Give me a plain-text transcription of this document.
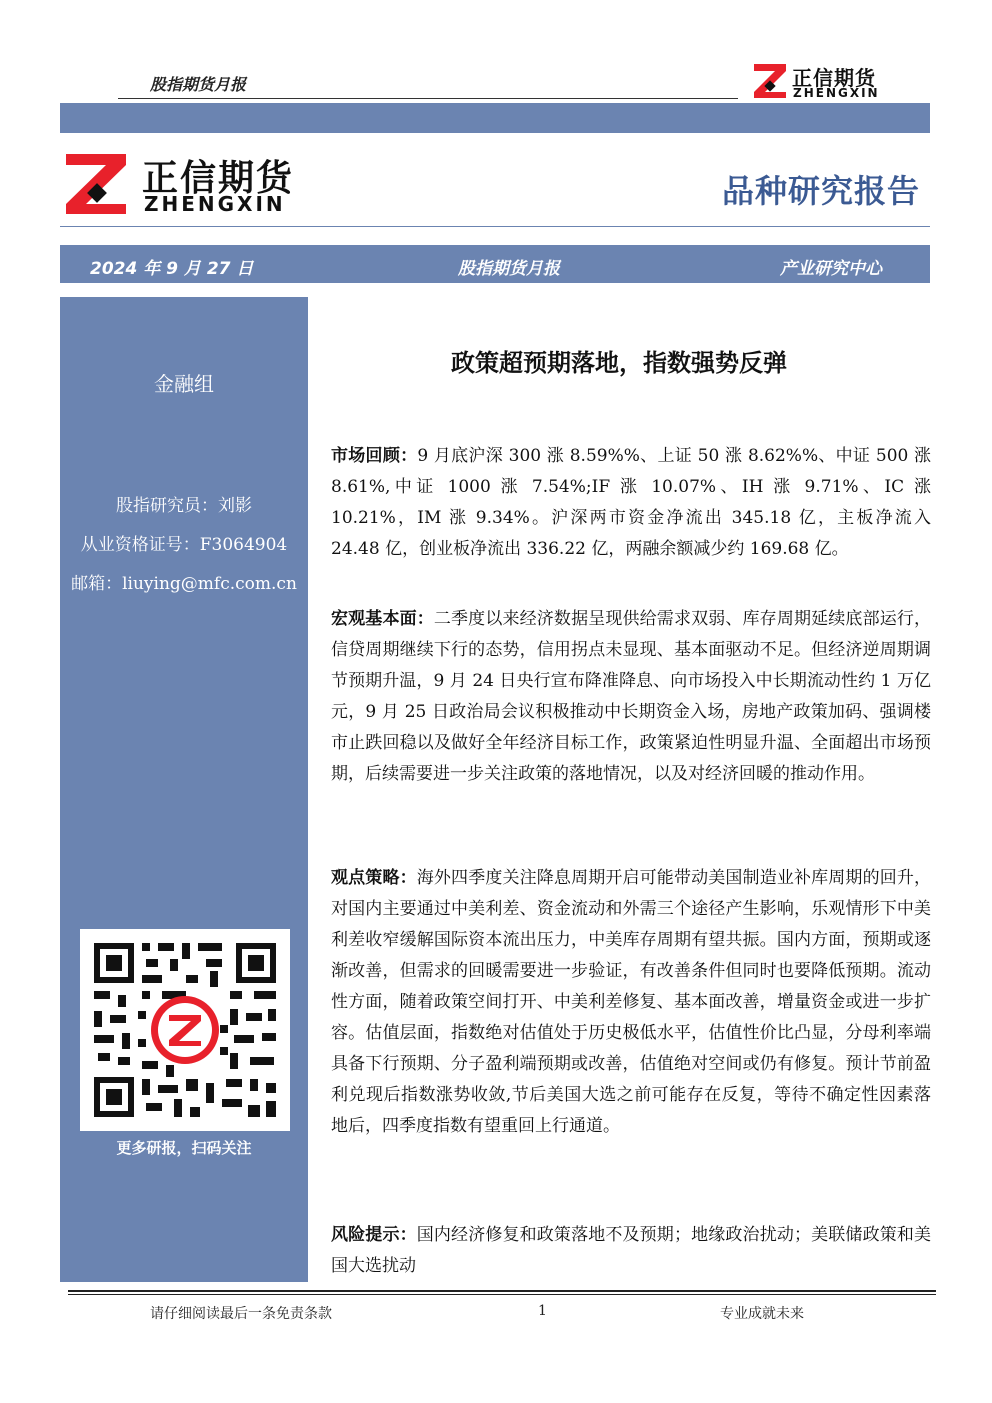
股指期货月报	正信期货
ZHENGXIN
正信期货
ZHENGXIN	品种研究报告
2024 年 9 月 27 日	股指期货月报	产业研究中心
金融组
股指研究员：刘影
从业资格证号：F3064904
邮箱：liuying@mfc.com.cn
更多研报，扫码关注
政策超预期落地，指数强势反弹
市场回顾：9 月底沪深 300 涨 8.59%%、上证 50 涨 8.62%%、中证 500 涨 8.61%,中证 1000 涨 7.54%;IF 涨 10.07%、IH 涨 9.71%、IC 涨 10.21%，IM 涨 9.34%。沪深两市资金净流出 345.18 亿，主板净流入 24.48 亿，创业板净流出 336.22 亿，两融余额减少约 169.68 亿。
宏观基本面：二季度以来经济数据呈现供给需求双弱、库存周期延续底部运行，信贷周期继续下行的态势，信用拐点未显现、基本面驱动不足。但经济逆周期调节预期升温，9 月 24 日央行宣布降准降息、向市场投入中长期流动性约 1 万亿元，9 月 25 日政治局会议积极推动中长期资金入场，房地产政策加码、强调楼市止跌回稳以及做好全年经济目标工作，政策紧迫性明显升温、全面超出市场预期，后续需要进一步关注政策的落地情况，以及对经济回暖的推动作用。
观点策略：海外四季度关注降息周期开启可能带动美国制造业补库周期的回升，对国内主要通过中美利差、资金流动和外需三个途径产生影响，乐观情形下中美利差收窄缓解国际资本流出压力，中美库存周期有望共振。国内方面，预期或逐渐改善，但需求的回暖需要进一步验证，有改善条件但同时也要降低预期。流动性方面，随着政策空间打开、中美利差修复、基本面改善，增量资金或进一步扩容。估值层面，指数绝对估值处于历史极低水平，估值性价比凸显，分母利率端具备下行预期、分子盈利端预期或改善，估值绝对空间或仍有修复。预计节前盈利兑现后指数涨势收敛,节后美国大选之前可能存在反复，等待不确定性因素落地后，四季度指数有望重回上行通道。
风险提示：国内经济修复和政策落地不及预期；地缘政治扰动；美联储政策和美国大选扰动
请仔细阅读最后一条免责条款	1	专业成就未来
